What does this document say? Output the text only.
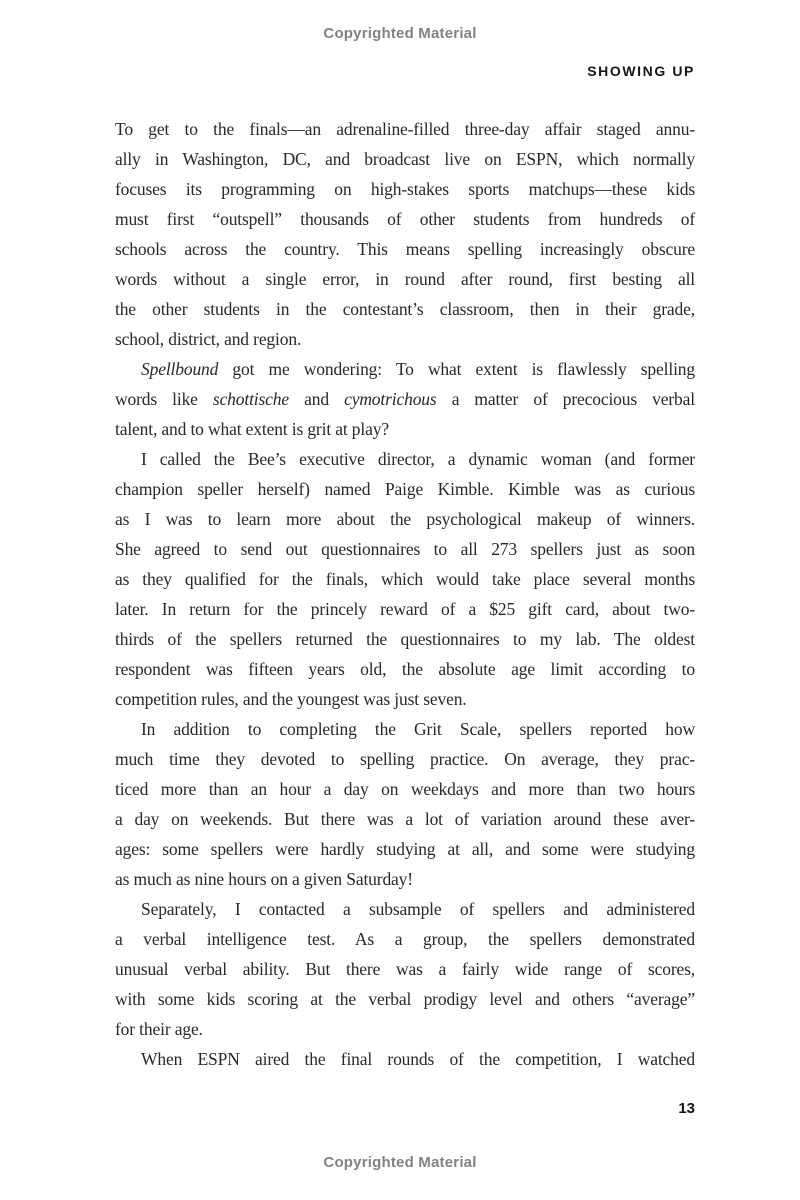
Copyrighted Material
SHOWING UP
To get to the finals—an adrenaline-filled three-day affair staged annu-
ally in Washington, DC, and broadcast live on ESPN, which normally
focuses its programming on high-stakes sports matchups—these kids
must first “outspell” thousands of other students from hundreds of
schools across the country. This means spelling increasingly obscure
words without a single error, in round after round, first besting all
the other students in the contestant’s classroom, then in their grade,
school, district, and region.
Spellbound got me wondering: To what extent is flawlessly spelling
words like schottische and cymotrichous a matter of precocious verbal
talent, and to what extent is grit at play?
I called the Bee’s executive director, a dynamic woman (and former
champion speller herself) named Paige Kimble. Kimble was as curious
as I was to learn more about the psychological makeup of winners.
She agreed to send out questionnaires to all 273 spellers just as soon
as they qualified for the finals, which would take place several months
later. In return for the princely reward of a $25 gift card, about two-
thirds of the spellers returned the questionnaires to my lab. The oldest
respondent was fifteen years old, the absolute age limit according to
competition rules, and the youngest was just seven.
In addition to completing the Grit Scale, spellers reported how
much time they devoted to spelling practice. On average, they prac-
ticed more than an hour a day on weekdays and more than two hours
a day on weekends. But there was a lot of variation around these aver-
ages: some spellers were hardly studying at all, and some were studying
as much as nine hours on a given Saturday!
Separately, I contacted a subsample of spellers and administered
a verbal intelligence test. As a group, the spellers demonstrated
unusual verbal ability. But there was a fairly wide range of scores,
with some kids scoring at the verbal prodigy level and others “average”
for their age.
When ESPN aired the final rounds of the competition, I watched
13
Copyrighted Material
